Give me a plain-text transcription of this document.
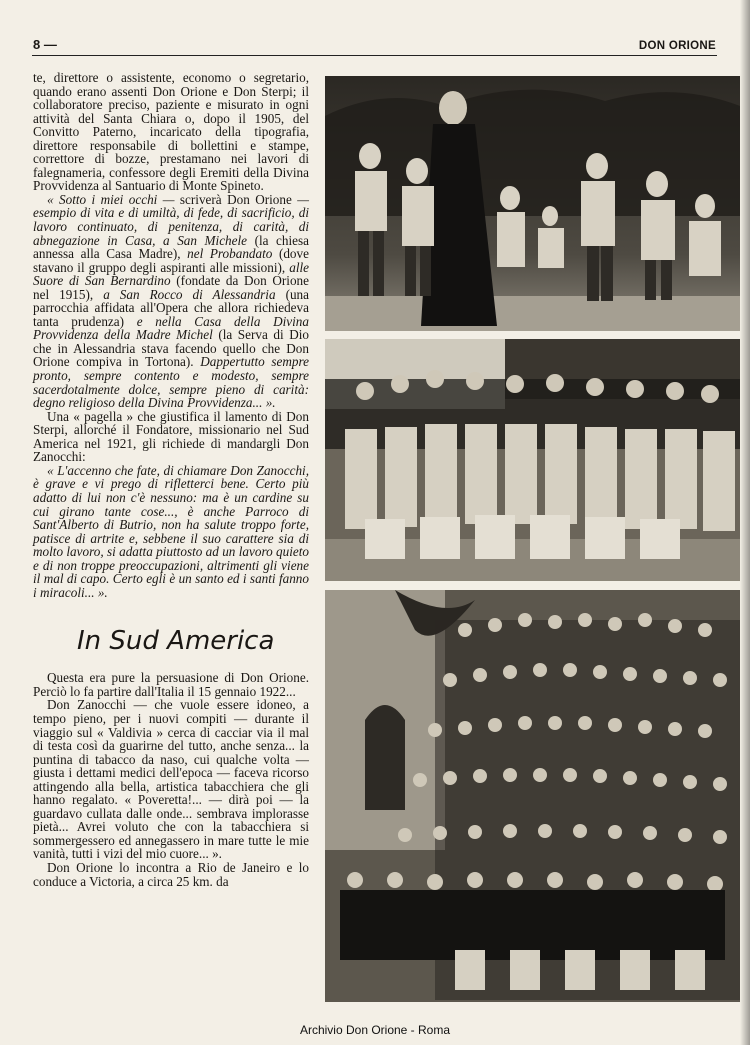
8 —	DON ORIONE

te, direttore o assistente, economo o segretario, quando erano assenti Don Orione e Don Sterpi; il collaboratore preciso, paziente e misurato in ogni attività del Santa Chiara o, dopo il 1905, del Convitto Paterno, incaricato della tipografia, direttore responsabile di bollettini e stampe, correttore di bozze, prestamano nei lavori di falegnameria, confessore degli Eremiti della Divina Provvidenza al Santuario di Monte Spineto.

« Sotto i miei occhi — scriverà Don Orione — esempio di vita e di umiltà, di fede, di sacrificio, di lavoro continuato, di penitenza, di carità, di abnegazione in Casa, a San Michele (la chiesa annessa alla Casa Madre), nel Probandato (dove stavano il gruppo degli aspiranti alle missioni), alle Suore di San Bernardino (fondate da Don Orione nel 1915), a San Rocco di Alessandria (una parrocchia affidata all'Opera che allora richiedeva tanta prudenza) e nella Casa della Divina Provvidenza della Madre Michel (la Serva di Dio che in Alessandria stava facendo quello che Don Orione compiva in Tortona). Dappertutto sempre pronto, sempre contento e modesto, sempre sacerdotalmente dolce, sempre pieno di carità: degno religioso della Divina Provvidenza... ».

Una « pagella » che giustifica il lamento di Don Sterpi, allorché il Fondatore, missionario nel Sud America nel 1921, gli richiede di mandargli Don Zanocchi:

« L'accenno che fate, di chiamare Don Zanocchi, è grave e vi prego di rifletterci bene. Certo più adatto di lui non c'è nessuno: ma è un cardine su cui girano tante cose..., è anche Parroco di Sant'Alberto di Butrio, non ha salute troppo forte, patisce di artrite e, sebbene il suo carattere sia di molto lavoro, si adatta piuttosto ad un lavoro quieto e di non troppe preoccupazioni, altrimenti gli viene il mal di capo. Certo egli è un santo ed i santi fanno i miracoli... ».

In Sud America

Questa era pure la persuasione di Don Orione. Perciò lo fa partire dall'Italia il 15 gennaio 1922...

Don Zanocchi — che vuole essere idoneo, a tempo pieno, per i nuovi compiti — durante il viaggio sul « Valdivia » cerca di cacciar via il mal di testa così da guarirne del tutto, anche senza... la puntina di tabacco da naso, cui qualche volta — giusta i dettami medici dell'epoca — faceva ricorso attingendo alla bella, artistica tabacchiera che gli hanno regalato. « Poveretta!... — dirà poi — la guardavo cullata dalle onde... sembrava implorasse pietà... Avrei voluto che con la tabacchiera si sommergessero ed annegassero in mare tutte le mie vanità, tutti i vizi del mio cuore... ».

Don Orione lo incontra a Rio de Janeiro e lo conduce a Victoria, a circa 25 km. da

Archivio Don Orione - Roma
